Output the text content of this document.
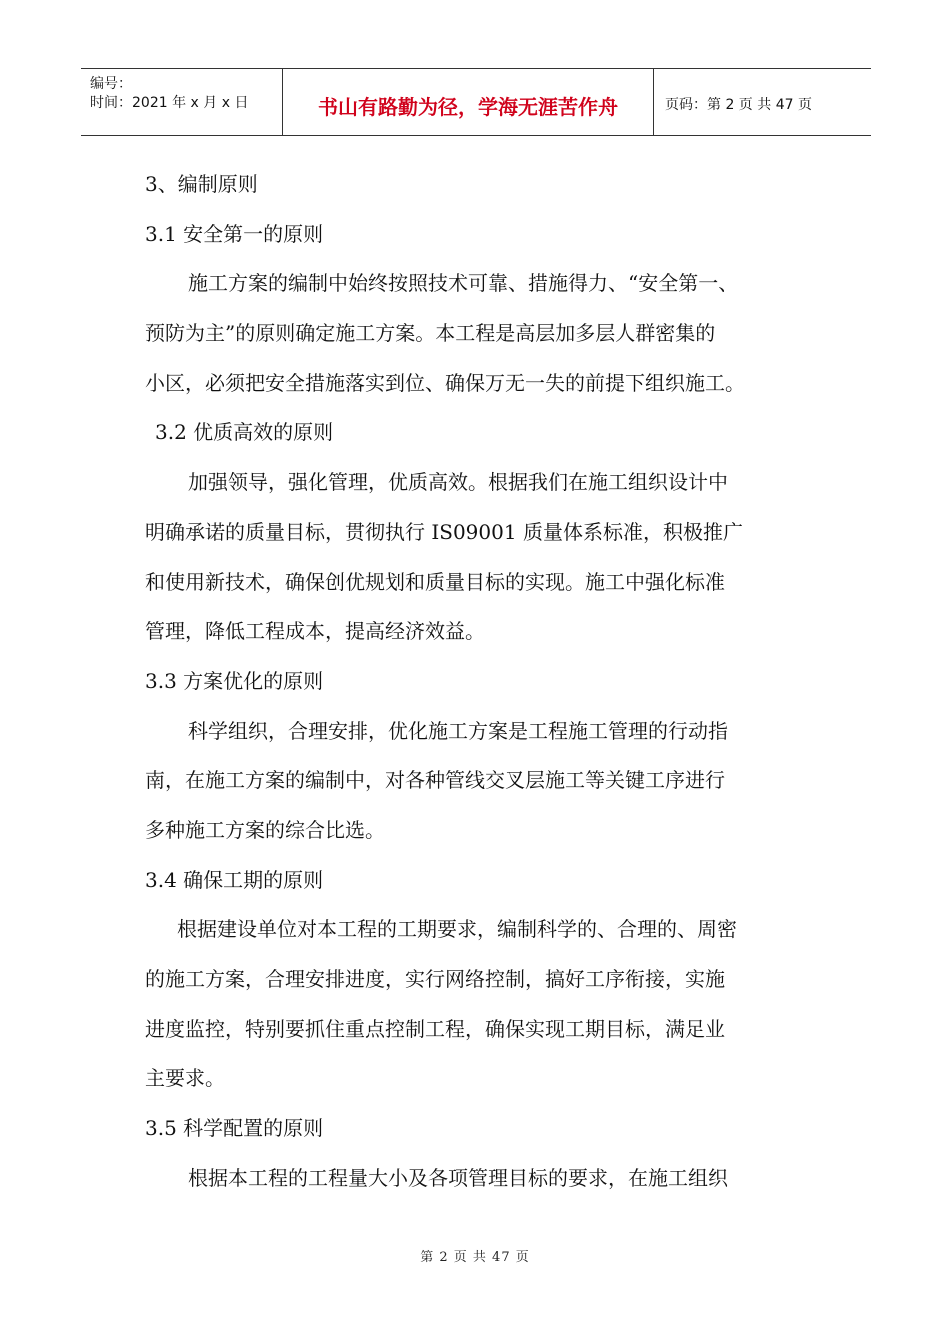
编号：
时间：2021 年 x 月 x 日	书山有路勤为径，学海无涯苦作舟	页码：第 2 页 共 47 页
3、编制原则
3.1 安全第一的原则
施工方案的编制中始终按照技术可靠、措施得力、“安全第一、
预防为主”的原则确定施工方案。本工程是高层加多层人群密集的
小区，必须把安全措施落实到位、确保万无一失的前提下组织施工。
3.2 优质高效的原则
加强领导，强化管理，优质高效。根据我们在施工组织设计中
明确承诺的质量目标，贯彻执行 IS09001 质量体系标准，积极推广
和使用新技术，确保创优规划和质量目标的实现。施工中强化标准
管理，降低工程成本，提高经济效益。
3.3 方案优化的原则
科学组织，合理安排，优化施工方案是工程施工管理的行动指
南，在施工方案的编制中，对各种管线交叉层施工等关键工序进行
多种施工方案的综合比选。
3.4 确保工期的原则
根据建设单位对本工程的工期要求，编制科学的、合理的、周密
的施工方案，合理安排进度，实行网络控制，搞好工序衔接，实施
进度监控，特别要抓住重点控制工程，确保实现工期目标，满足业
主要求。
3.5 科学配置的原则
根据本工程的工程量大小及各项管理目标的要求，在施工组织
第 2 页 共 47 页
